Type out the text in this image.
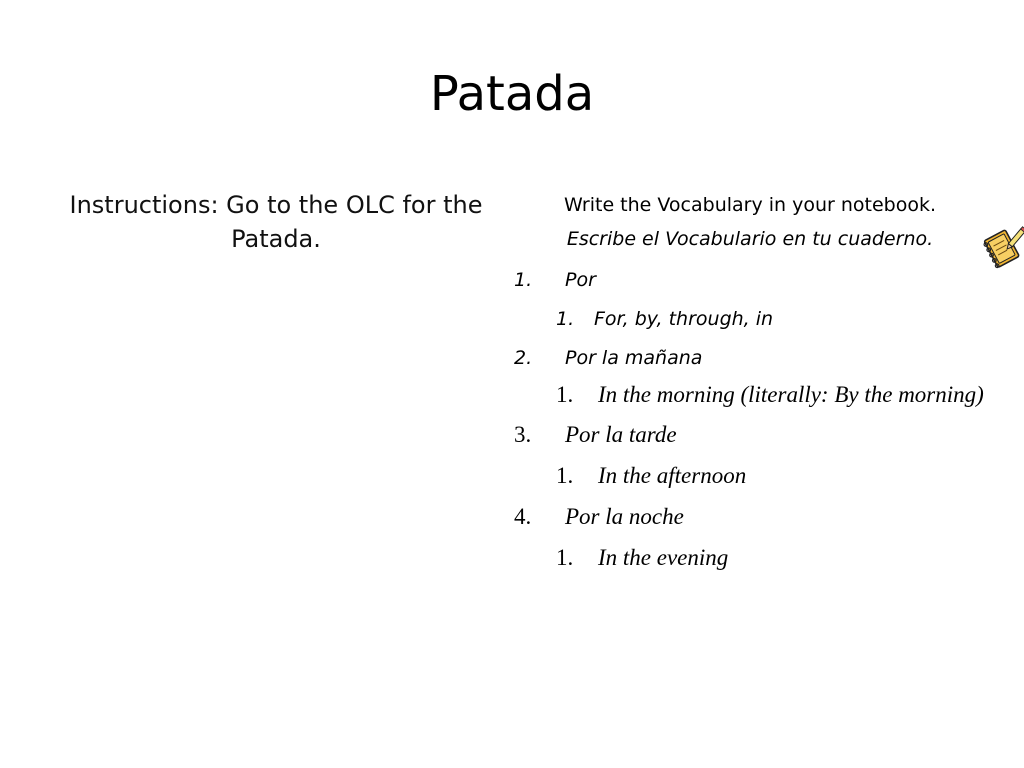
Patada
Instructions: Go to the OLC for the Patada.
Write the Vocabulary in your notebook.
Escribe el Vocabulario en tu cuaderno.
1.	Por
1.	For, by, through, in
2.	Por la mañana
1.	In the morning (literally: By the morning)
3.	Por la tarde
1.	In the afternoon
4.	Por la noche
1.	In the evening
